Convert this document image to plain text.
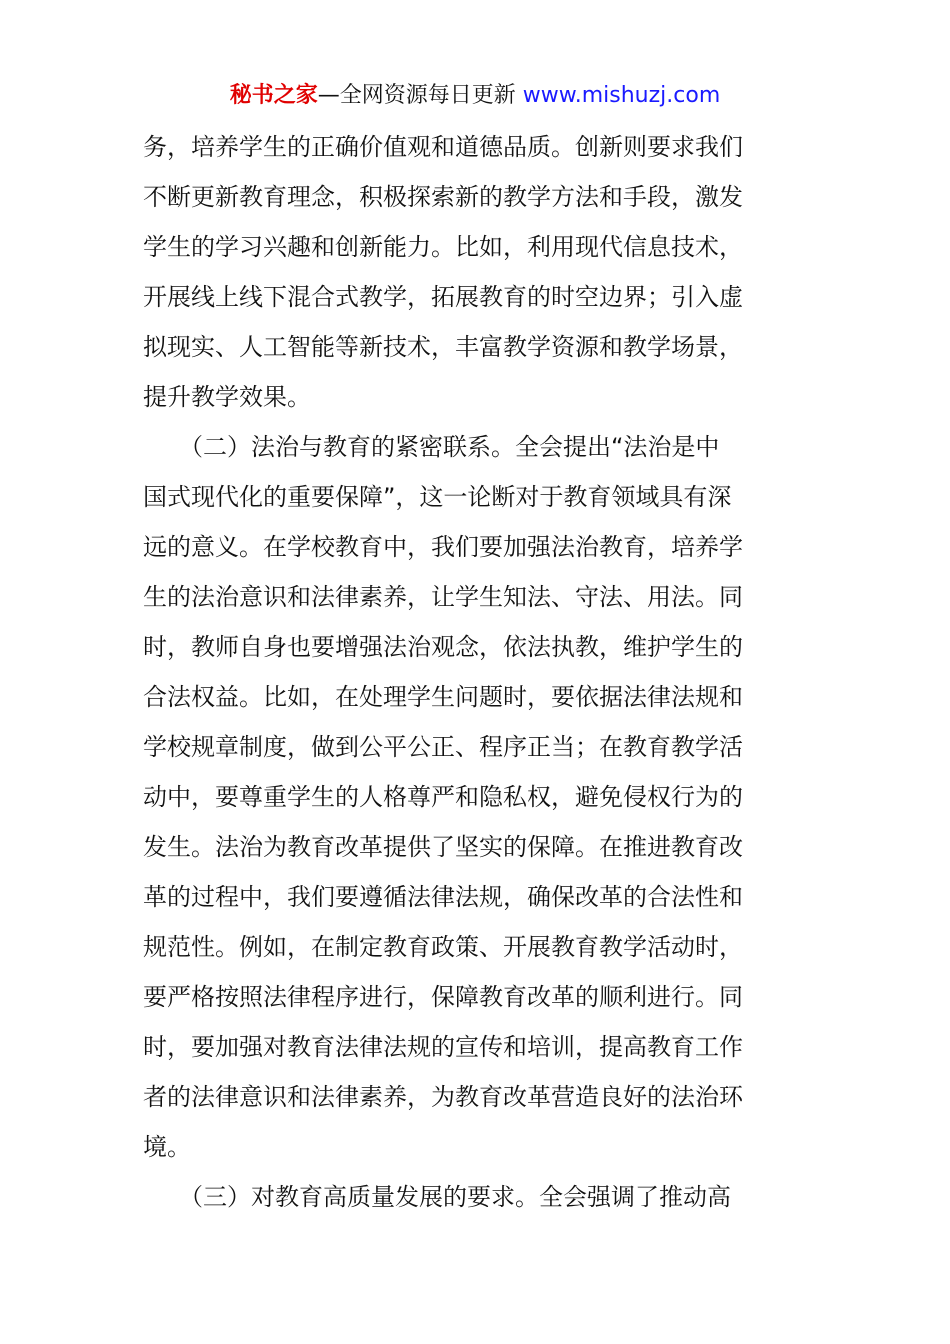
秘书之家—全网资源每日更新 www.mishuzj.com
务，培养学生的正确价值观和道德品质。创新则要求我们
不断更新教育理念，积极探索新的教学方法和手段，激发
学生的学习兴趣和创新能力。比如，利用现代信息技术，
开展线上线下混合式教学，拓展教育的时空边界；引入虚
拟现实、人工智能等新技术，丰富教学资源和教学场景，
提升教学效果。
　　（二）法治与教育的紧密联系。全会提出“法治是中
国式现代化的重要保障”，这一论断对于教育领域具有深
远的意义。在学校教育中，我们要加强法治教育，培养学
生的法治意识和法律素养，让学生知法、守法、用法。同
时，教师自身也要增强法治观念，依法执教，维护学生的
合法权益。比如，在处理学生问题时，要依据法律法规和
学校规章制度，做到公平公正、程序正当；在教育教学活
动中，要尊重学生的人格尊严和隐私权，避免侵权行为的
发生。法治为教育改革提供了坚实的保障。在推进教育改
革的过程中，我们要遵循法律法规，确保改革的合法性和
规范性。例如，在制定教育政策、开展教育教学活动时，
要严格按照法律程序进行，保障教育改革的顺利进行。同
时，要加强对教育法律法规的宣传和培训，提高教育工作
者的法律意识和法律素养，为教育改革营造良好的法治环
境。
　　（三）对教育高质量发展的要求。全会强调了推动高
